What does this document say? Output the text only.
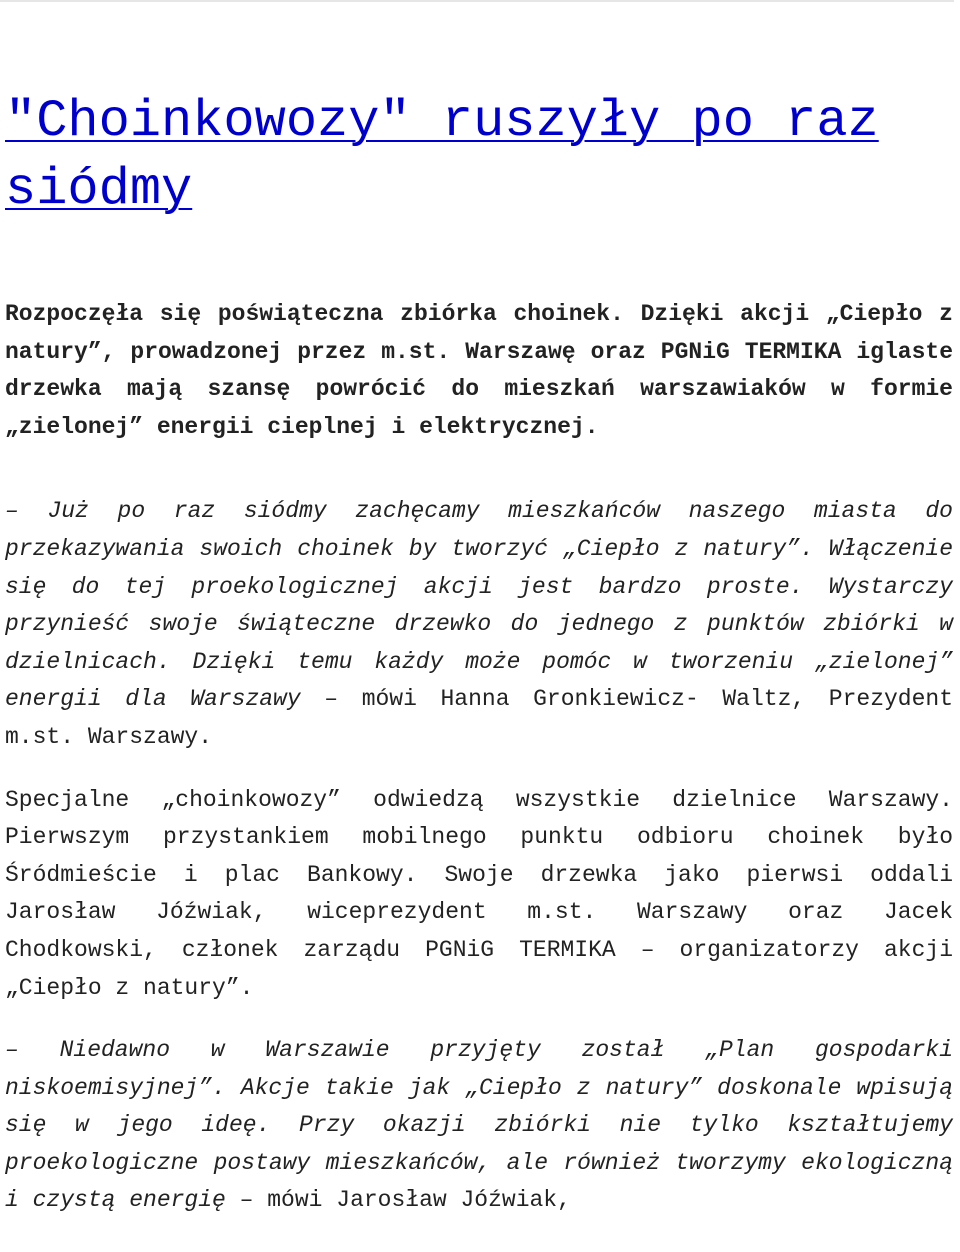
"Choinkowozy" ruszyły po raz siódmy

Rozpoczęła się poświąteczna zbiórka choinek. Dzięki akcji „Ciepło z natury”, prowadzonej przez m.st. Warszawę oraz PGNiG TERMIKA iglaste drzewka mają szansę powrócić do mieszkań warszawiaków w formie „zielonej” energii cieplnej i elektrycznej.

– Już po raz siódmy zachęcamy mieszkańców naszego miasta do przekazywania swoich choinek by tworzyć „Ciepło z natury”. Włączenie się do tej proekologicznej akcji jest bardzo proste. Wystarczy przynieść swoje świąteczne drzewko do jednego z punktów zbiórki w dzielnicach. Dzięki temu każdy może pomóc w tworzeniu „zielonej” energii dla Warszawy – mówi Hanna Gronkiewicz- Waltz, Prezydent m.st. Warszawy.

Specjalne „choinkowozy” odwiedzą wszystkie dzielnice Warszawy. Pierwszym przystankiem mobilnego punktu odbioru choinek było Śródmieście i plac Bankowy. Swoje drzewka jako pierwsi oddali Jarosław Jóźwiak, wiceprezydent m.st. Warszawy oraz Jacek Chodkowski, członek zarządu PGNiG TERMIKA – organizatorzy akcji „Ciepło z natury”.

– Niedawno w Warszawie przyjęty został „Plan gospodarki niskoemisyjnej”. Akcje takie jak „Ciepło z natury” doskonale wpisują się w jego ideę. Przy okazji zbiórki nie tylko kształtujemy proekologiczne postawy mieszkańców, ale również tworzymy ekologiczną i czystą energię – mówi Jarosław Jóźwiak,
